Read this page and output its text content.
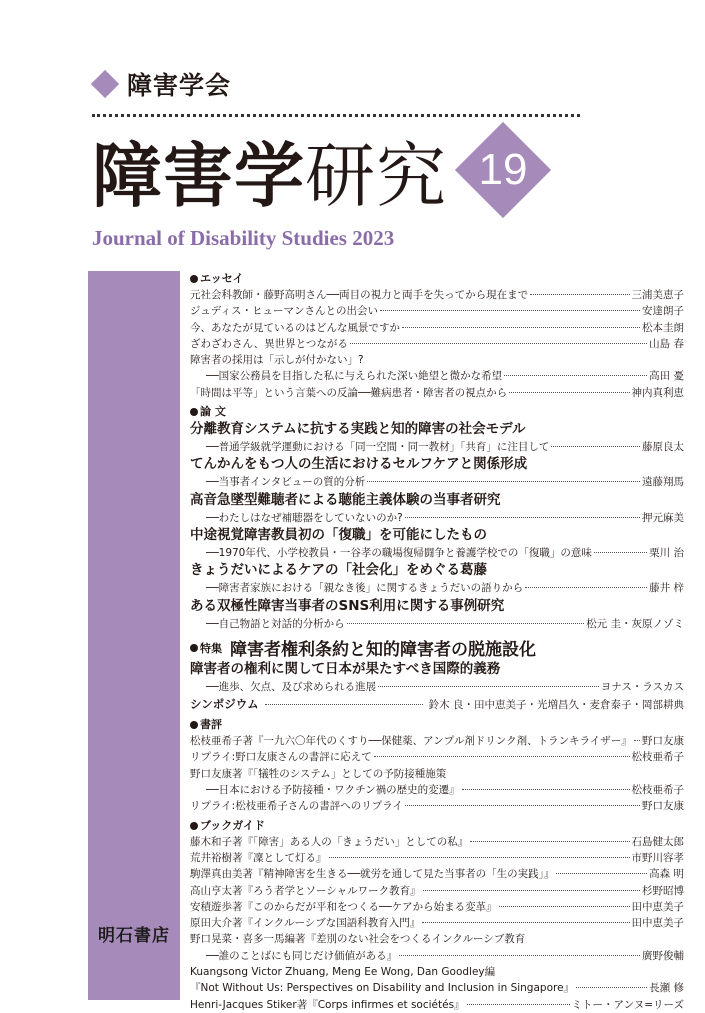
障害学会
障害学研究 19
Journal of Disability Studies 2023
明石書店
エッセイ
元社会科教師・藤野高明さん──両目の視力と両手を失ってから現在まで	三浦美恵子
ジュディス・ヒューマンさんとの出会い	安達朗子
今、あなたが見ているのはどんな風景ですか	松本圭朗
ざわざわさん、異世界とつながる	山島 春
障害者の採用は「示しが付かない」?
──国家公務員を目指した私に与えられた深い絶望と微かな希望	高田 憂
「時間は平等」という言葉への反論──難病患者・障害者の視点から	神内真利恵
論 文
分離教育システムに抗する実践と知的障害の社会モデル
──普通学級就学運動における「同一空間・同一教材」「共育」に注目して	藤原良太
てんかんをもつ人の生活におけるセルフケアと関係形成
──当事者インタビューの質的分析	遠藤翔馬
高音急墜型難聴者による聴能主義体験の当事者研究
──わたしはなぜ補聴器をしていないのか?	押元麻美
中途視覚障害教員初の「復職」を可能にしたもの
──1970年代、小学校教員・一谷孝の職場復帰闘争と養護学校での「復職」の意味	栗川 治
きょうだいによるケアの「社会化」をめぐる葛藤
──障害者家族における「親なき後」に関するきょうだいの語りから	藤井 梓
ある双極性障害当事者のSNS利用に関する事例研究
──自己物語と対話的分析から	松元 圭・灰原ノゾミ
特集 障害者権利条約と知的障害者の脱施設化
障害者の権利に関して日本が果たすべき国際的義務
──進歩、欠点、及び求められる進展	ヨナス・ラスカス
シンポジウム	鈴木 良・田中恵美子・光増昌久・麦倉泰子・岡部耕典
書評
松枝亜希子著『一九六〇年代のくすり──保健薬、アンプル剤ドリンク剤、トランキライザー』 野口友康
リプライ:野口友康さんの書評に応えて	松枝亜希子
野口友康著『「犠牲のシステム」としての予防接種施策
──日本における予防接種・ワクチン禍の歴史的変遷』	松枝亜希子
リプライ:松枝亜希子さんの書評へのリプライ	野口友康
ブックガイド
藤木和子著『「障害」ある人の「きょうだい」としての私』	石島健太郎
荒井裕樹著『凜として灯る』	市野川容孝
駒澤真由美著『精神障害を生きる──就労を通して見た当事者の「生の実践」』	高森 明
高山亨太著『ろう者学とソーシャルワーク教育』	杉野昭博
安積遊歩著『このからだが平和をつくる──ケアから始まる変革』	田中恵美子
原田大介著『インクルーシブな国語科教育入門』	田中恵美子
野口晃菜・喜多一馬編著『差別のない社会をつくるインクルーシブ教育
──誰のことばにも同じだけ価値がある』	廣野俊輔
Kuangsong Victor Zhuang, Meng Ee Wong, Dan Goodley編
『Not Without Us: Perspectives on Disability and Inclusion in Singapore』	長瀬 修
Henri-Jacques Stiker著『Corps infirmes et sociétés』	ミトー・アンヌ=リーズ
